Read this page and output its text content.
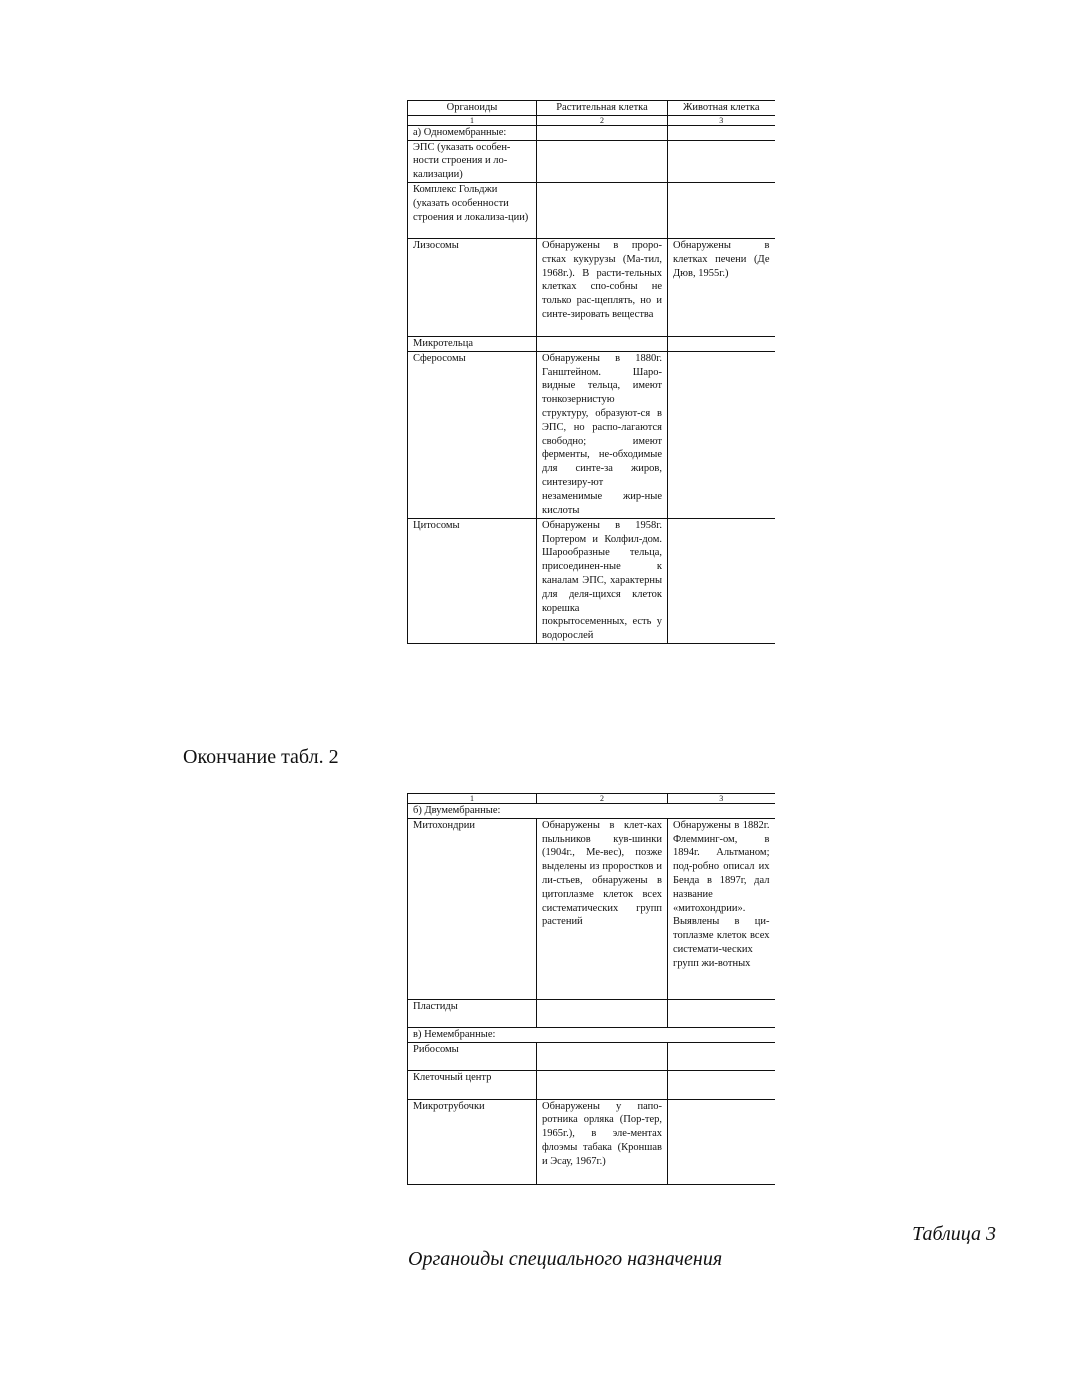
Органоиды	Растительная клетка	Животная клетка
1	2	3
а) Одномембранные:		
ЭПС (указать особен-ности строения и ло-кализации)		
Комплекс Гольджи (указать особенности строения и локализа-ции)		
Лизосомы	Обнаружены в проро-стках кукурузы (Ма-тил, 1968г.). В расти-тельных клетках спо-собны не только рас-щеплять, но и синте-зировать вещества	Обнаружены в клетках печени (Де Дюв, 1955г.)
Микротельца		
Сферосомы	Обнаружены в 1880г. Ганштейном. Шаро-видные тельца, имеют тонкозернистую структуру, образуют-ся в ЭПС, но распо-лагаются свободно; имеют ферменты, не-обходимые для синте-за жиров, синтезиру-ют незаменимые жир-ные кислоты	
Цитосомы	Обнаружены в 1958г. Портером и Колфил-дом. Шарообразные тельца, присоединен-ные к каналам ЭПС, характерны для деля-щихся клеток корешка покрытосеменных, есть у водорослей	
Окончание табл. 2
1	2	3
б) Двумембранные:		
Митохондрии	Обнаружены в клет-ках пыльников кув-шинки (1904г., Ме-вес), позже выделены из проростков и ли-стьев, обнаружены в цитоплазме клеток всех систематических групп растений	Обнаружены в 1882г. Флемминг-ом, в 1894г. Альтманом; под-робно описал их Бенда в 1897г, дал название «митохондрии». Выявлены в ци-топлазме клеток всех системати-ческих групп жи-вотных
Пластиды		
в) Немембранные:		
Рибосомы		
Клеточный центр		
Микротрубочки	Обнаружены у папо-ротника орляка (Пор-тер, 1965г.), в элe-ментах флоэмы табака (Кроншав и Эсау, 1967г.)	
Таблица 3
Органоиды специального назначения
